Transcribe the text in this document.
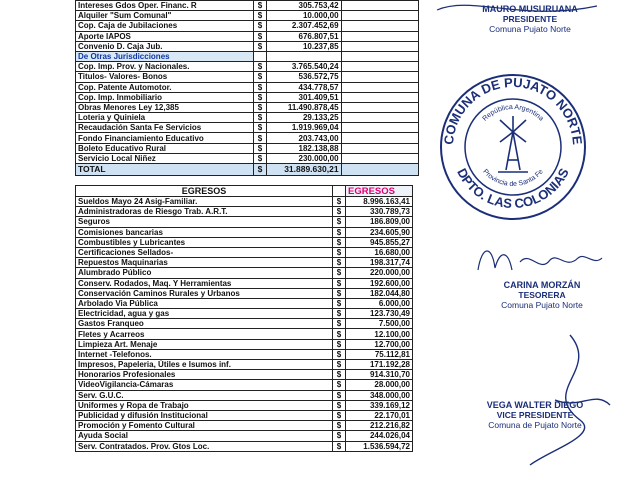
Intereses Gdos Oper. Financ. R	$	305.753,42	
Alquiler "Sum Comunal"	$	10.000,00	
Cop. Caja de Jubilaciones	$	2.307.452,69	
Aporte IAPOS	$	676.807,51	
Convenio D. Caja Jub.	$	10.237,85	
De Otras Jurisdicciones			
Cop. Imp. Prov. y Nacionales.	$	3.765.540,24	
Titulos- Valores- Bonos	$	536.572,75	
Cop. Patente Automotor.	$	434.778,57	
Cop. Imp. Inmobiliario	$	301.409,51	
Obras Menores Ley 12,385	$	11.490.878,45	
Loteria y Quiniela	$	29.133,25	
Recaudación Santa Fe Servicios	$	1.919.969,04	
Fondo Financiamiento Educativo	$	203.743,00	
Boleto Educativo Rural	$	182.138,88	
Servicio Local Niñez	$	230.000,00	
TOTAL	$	31.889.630,21	
EGRESOS		EGRESOS
Sueldos Mayo 24 Asig-Familiar.	$	8.996.163,41
Administradoras de Riesgo Trab. A.R.T.	$	330.789,73
Seguros	$	186.809,00
Comisiones bancarias	$	234.605,90
Combustibles y Lubricantes	$	945.855,27
Certificaciones Sellados-	$	16.680,00
Repuestos Maquinarias	$	198.317,74
Alumbrado Público	$	220.000,00
Conserv. Rodados, Maq. Y Herramientas	$	192.600,00
Conservación Caminos Rurales y Urbanos	$	182.044,80
Arbolado Via Pública	$	6.000,00
Electricidad, agua y gas	$	123.730,49
Gastos Franqueo	$	7.500,00
Fletes y Acarreos	$	12.100,00
Limpieza Art. Menaje	$	12.700,00
Internet -Telefonos.	$	75.112,81
Impresos, Papeleria, Útiles e Isumos inf.	$	171.192,28
Honorarios Profesionales	$	914.310,70
VideoVigilancia-Cámaras	$	28.000,00
Serv. G.U.C.	$	348.000,00
Uniformes y Ropa de Trabajo	$	339.169,12
Publicidad y difusión Institucional	$	22.170,01
Promoción y Fomento Cultural	$	212.216,82
Ayuda Social	$	244.026,04
Serv. Contratados. Prov. Gtos Loc.	$	1.536.594,72
COMUNA DE PUJATO NORTE
DPTO. LAS COLONIAS
República Argentina
Provincia de Santa Fe
MAURO MUSURUANA
PRESIDENTE
Comuna Pujato Norte
CARINA MORZÁN
TESORERA
Comuna Pujato Norte
VEGA WALTER DIEGO
VICE PRESIDENTE
Comuna de Pujato Norte
